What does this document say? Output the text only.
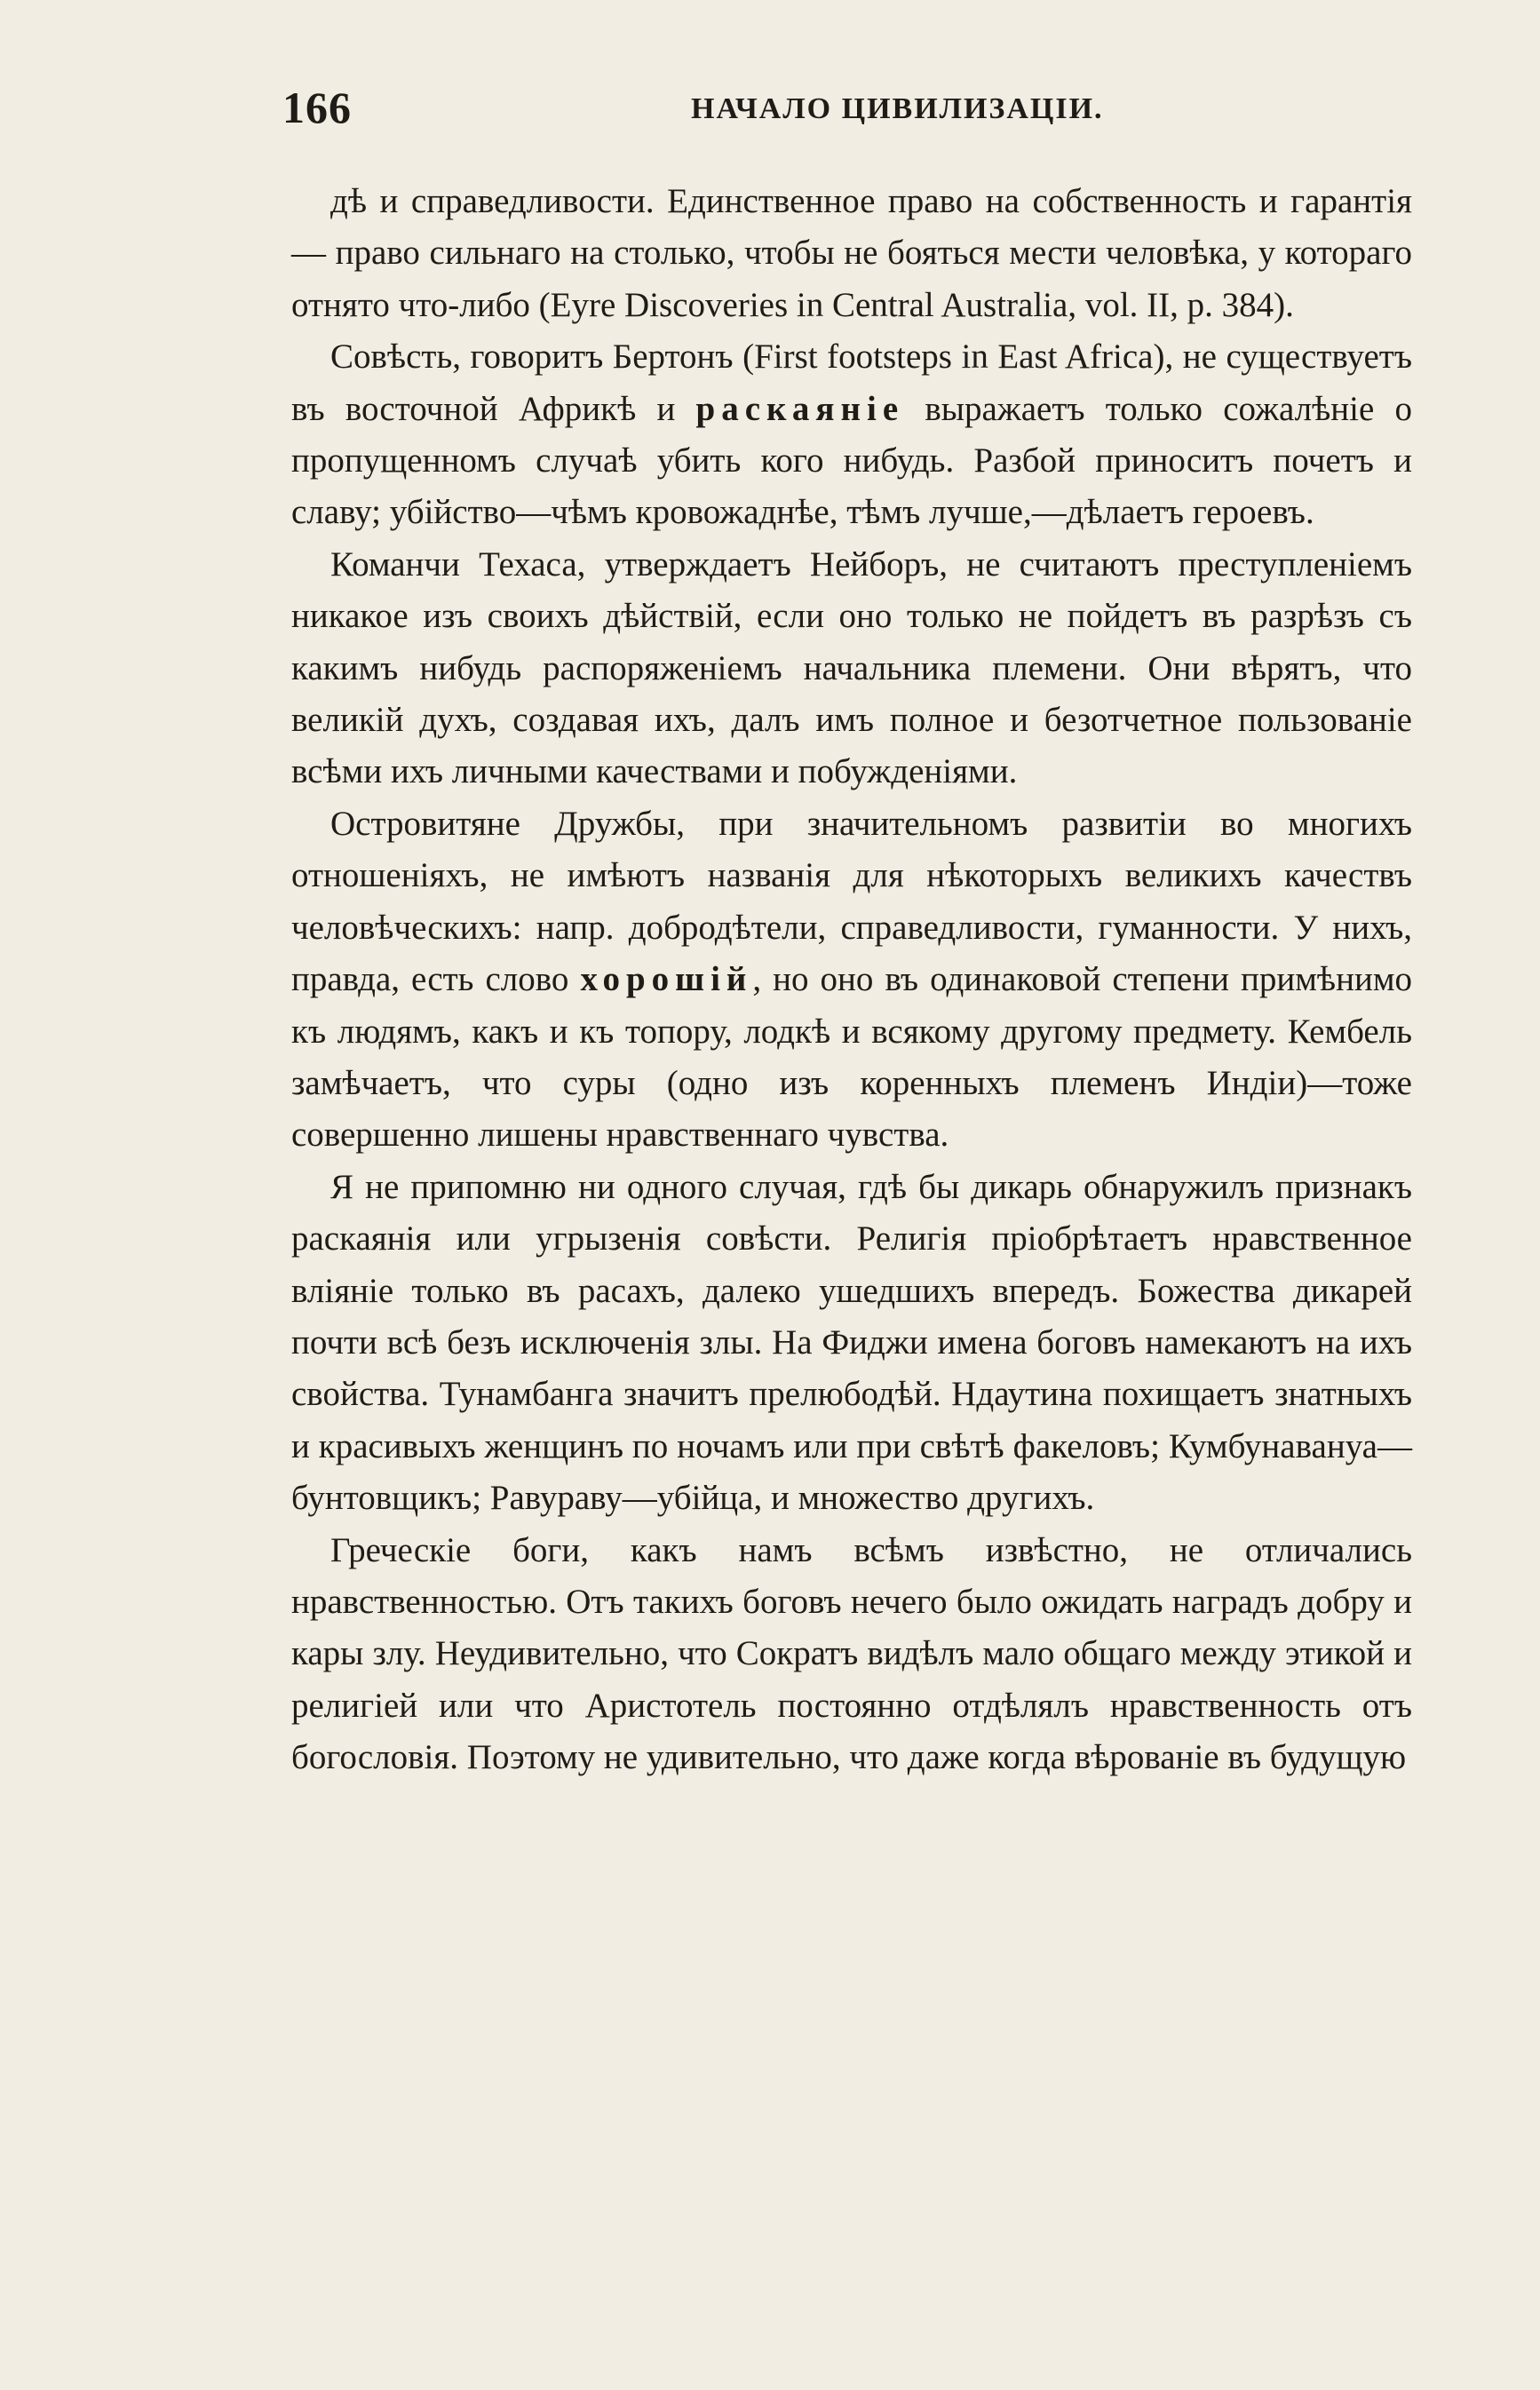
166	НАЧАЛО ЦИВИЛИЗАЦІИ.

дѣ и справедливости. Единственное право на собственность и гарантія — право сильнаго на столько, чтобы не бояться мести человѣка, у котораго отнято что-либо (Eyre Discoveries in Central Australia, vol. II, p. 384).

Совѣсть, говоритъ Бертонъ (First footsteps in East Africa), не существуетъ въ восточной Африкѣ и раскаяніе выражаетъ только сожалѣніе о пропущенномъ случаѣ убить кого нибудь. Разбой приноситъ почетъ и славу; убійство—чѣмъ кровожаднѣе, тѣмъ лучше,—дѣлаетъ героевъ.

Команчи Техаса, утверждаетъ Нейборъ, не считаютъ преступленіемъ никакое изъ своихъ дѣйствій, если оно только не пойдетъ въ разрѣзъ съ какимъ нибудь распоряженіемъ начальника племени. Они вѣрятъ, что великій духъ, создавая ихъ, далъ имъ полное и безотчетное пользованіе всѣми ихъ личными качествами и побужденіями.

Островитяне Дружбы, при значительномъ развитіи во многихъ отношеніяхъ, не имѣютъ названія для нѣкоторыхъ великихъ качествъ человѣческихъ: напр. добродѣтели, справедливости, гуманности. У нихъ, правда, есть слово хорошій, но оно въ одинаковой степени примѣнимо къ людямъ, какъ и къ топору, лодкѣ и всякому другому предмету. Кембель замѣчаетъ, что суры (одно изъ коренныхъ племенъ Индіи)—тоже совершенно лишены нравственнаго чувства.

Я не припомню ни одного случая, гдѣ бы дикарь обнаружилъ признакъ раскаянія или угрызенія совѣсти. Религія пріобрѣтаетъ нравственное вліяніе только въ расахъ, далеко ушедшихъ впередъ. Божества дикарей почти всѣ безъ исключенія злы. На Фиджи имена боговъ намекаютъ на ихъ свойства. Тунамбанга значитъ прелюбодѣй. Ндаутина похищаетъ знатныхъ и красивыхъ женщинъ по ночамъ или при свѣтѣ факеловъ; Кумбунавануа—бунтовщикъ; Равураву—убійца, и множество другихъ.

Греческіе боги, какъ намъ всѣмъ извѣстно, не отличались нравственностью. Отъ такихъ боговъ нечего было ожидать наградъ добру и кары злу. Неудивительно, что Сократъ видѣлъ мало общаго между этикой и религіей или что Аристотель постоянно отдѣлялъ нравственность отъ богословія. Поэтому не удивительно, что даже когда вѣрованіе въ будущую
